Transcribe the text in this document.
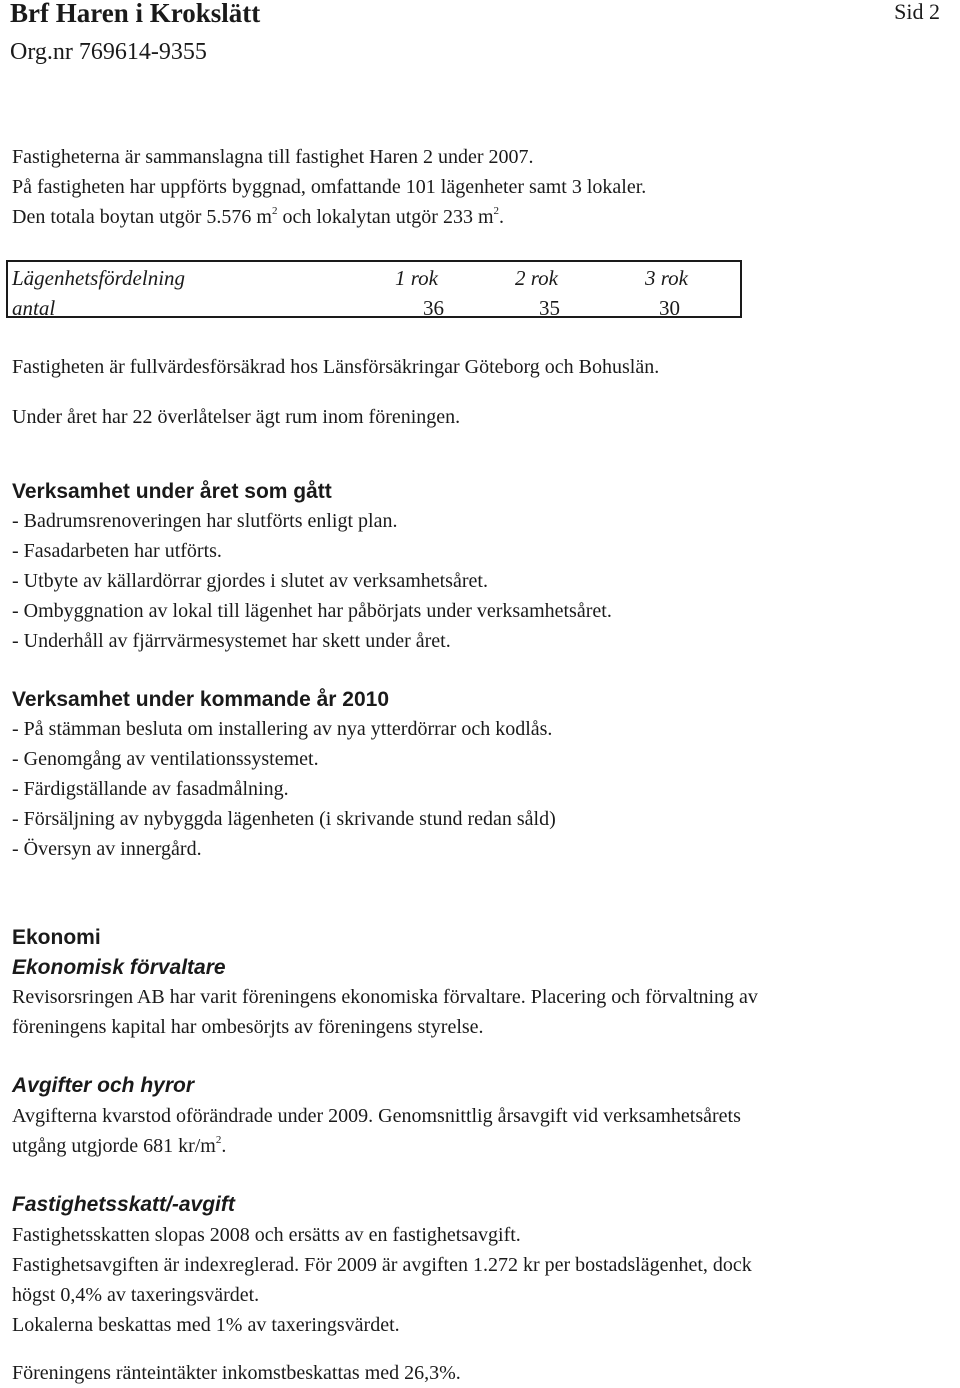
Brf Haren i Krokslätt
Org.nr 769614-9355
Sid 2
Fastigheterna är sammanslagna till fastighet Haren 2 under 2007.
På fastigheten har uppförts byggnad, omfattande 101 lägenheter samt 3 lokaler.
Den totala boytan utgör 5.576 $m^2$ och lokalytan utgör 233 $m^2$.
Lägenhetsfördelning	1 rok	2 rok	3 rok
antal	36	35	30
Fastigheten är fullvärdesförsäkrad hos Länsförsäkringar Göteborg och Bohuslän.
Under året har 22 överlåtelser ägt rum inom föreningen.
Verksamhet under året som gått
- Badrumsrenoveringen har slutförts enligt plan.
- Fasadarbeten har utförts.
- Utbyte av källardörrar gjordes i slutet av verksamhetsåret.
- Ombyggnation av lokal till lägenhet har påbörjats under verksamhetsåret.
- Underhåll av fjärrvärmesystemet har skett under året.
Verksamhet under kommande år 2010
- På stämman besluta om installering av nya ytterdörrar och kodlås.
- Genomgång av ventilationssystemet.
- Färdigställande av fasadmålning.
- Försäljning av nybyggda lägenheten (i skrivande stund redan såld)
- Översyn av innergård.
Ekonomi
Ekonomisk förvaltare
Revisorsringen AB har varit föreningens ekonomiska förvaltare. Placering och förvaltning av
föreningens kapital har ombesörjts av föreningens styrelse.
Avgifter och hyror
Avgifterna kvarstod oförändrade under 2009. Genomsnittlig årsavgift vid verksamhetsårets
utgång utgjorde 681 $kr/m^2$.
Fastighetsskatt/-avgift
Fastighetsskatten slopas 2008 och ersätts av en fastighetsavgift.
Fastighetsavgiften är indexreglerad. För 2009 är avgiften 1.272 kr per bostadslägenhet, dock
högst 0,4% av taxeringsvärdet.
Lokalerna beskattas med 1% av taxeringsvärdet.
Föreningens ränteintäkter inkomstbeskattas med 26,3%.
